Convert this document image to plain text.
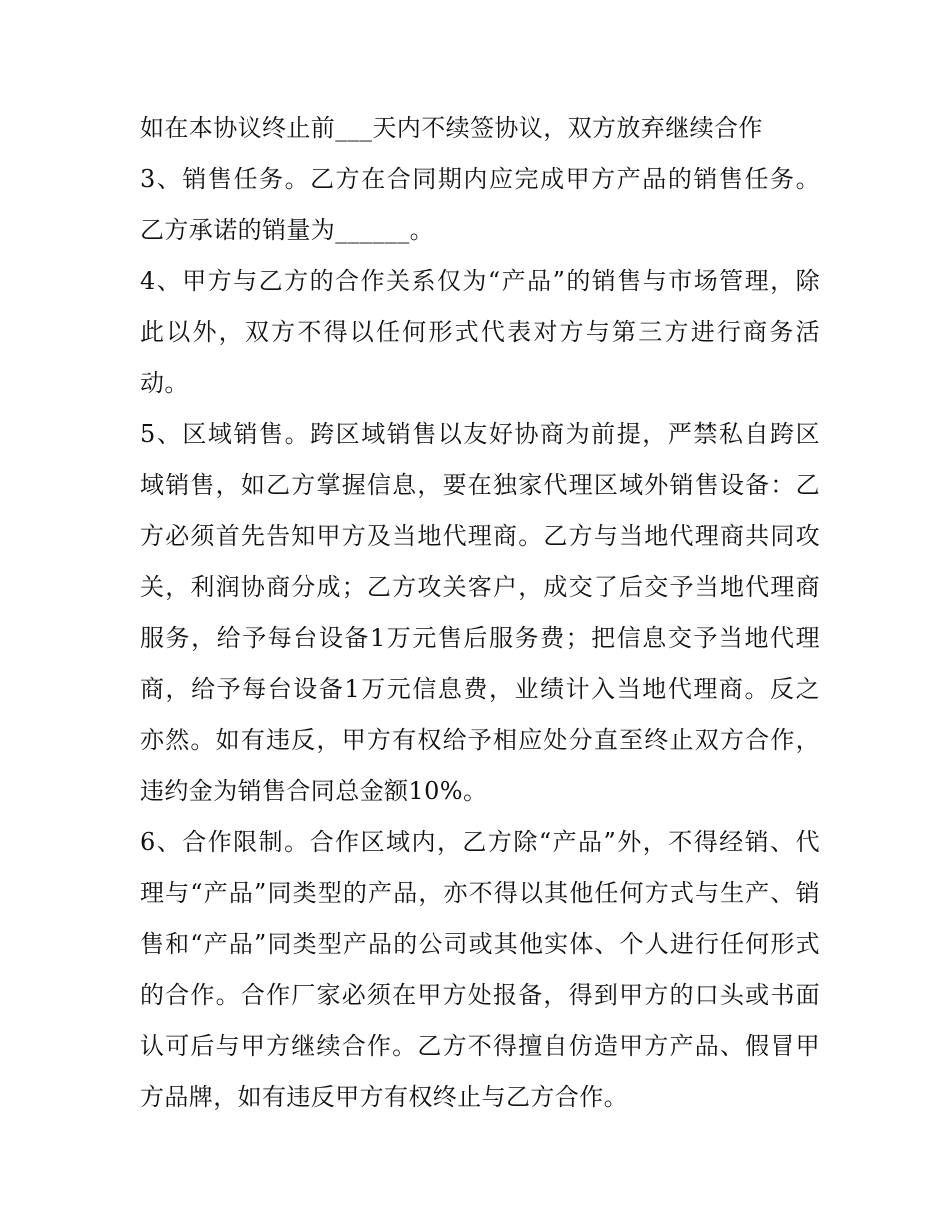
如在本协议终止前___天内不续签协议，双方放弃继续合作
3、销售任务。乙方在合同期内应完成甲方产品的销售任务。
乙方承诺的销量为______。
4、甲方与乙方的合作关系仅为“产品”的销售与市场管理，除
此以外，双方不得以任何形式代表对方与第三方进行商务活
动。
5、区域销售。跨区域销售以友好协商为前提，严禁私自跨区
域销售，如乙方掌握信息，要在独家代理区域外销售设备：乙
方必须首先告知甲方及当地代理商。乙方与当地代理商共同攻
关，利润协商分成；乙方攻关客户，成交了后交予当地代理商
服务，给予每台设备1万元售后服务费；把信息交予当地代理
商，给予每台设备1万元信息费，业绩计入当地代理商。反之
亦然。如有违反，甲方有权给予相应处分直至终止双方合作，
违约金为销售合同总金额10%。
6、合作限制。合作区域内，乙方除“产品”外，不得经销、代
理与“产品”同类型的产品，亦不得以其他任何方式与生产、销
售和“产品”同类型产品的公司或其他实体、个人进行任何形式
的合作。合作厂家必须在甲方处报备，得到甲方的口头或书面
认可后与甲方继续合作。乙方不得擅自仿造甲方产品、假冒甲
方品牌，如有违反甲方有权终止与乙方合作。
